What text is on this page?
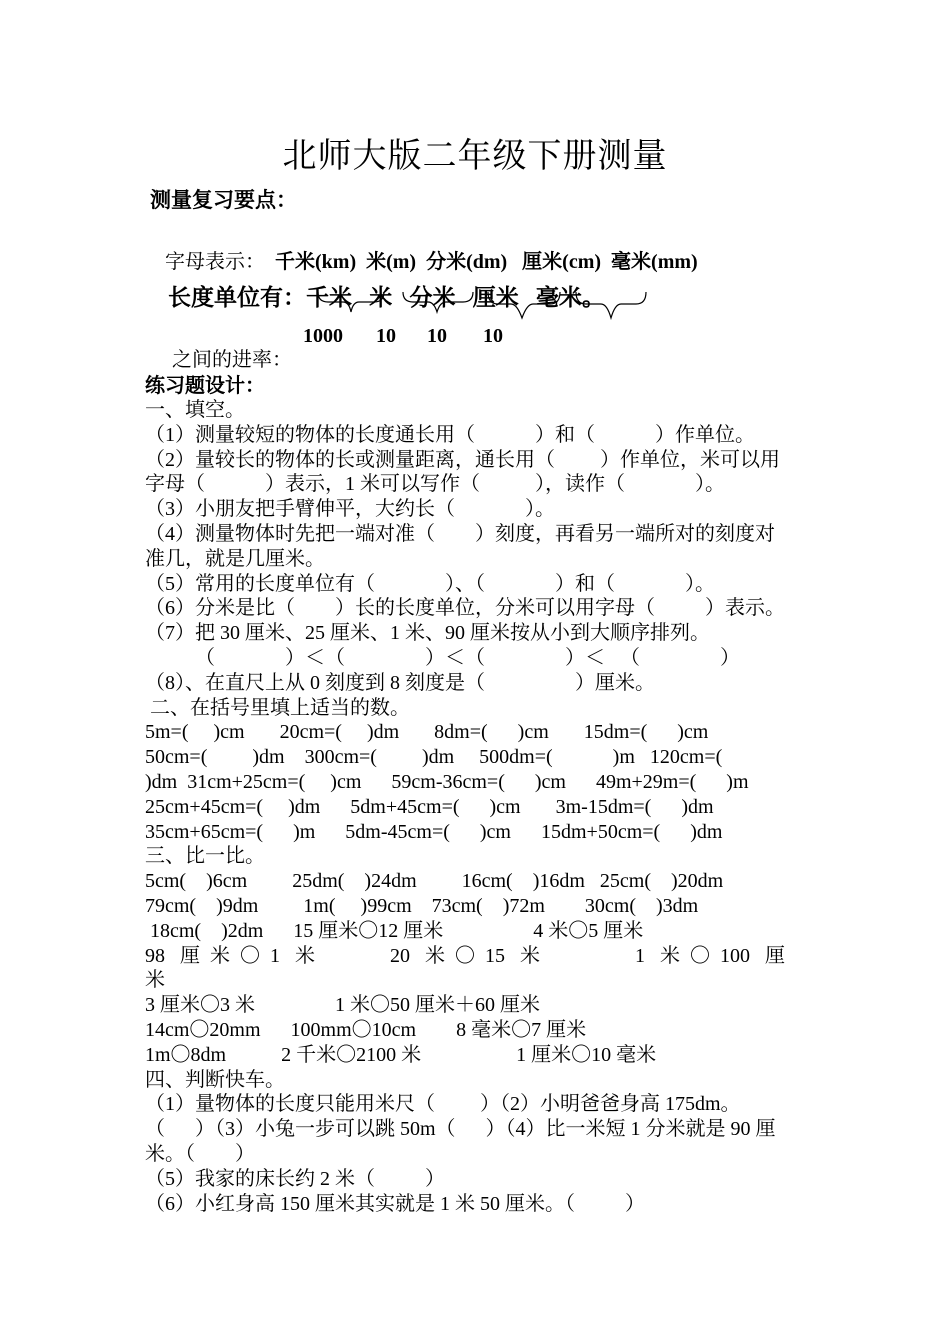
北师大版二年级下册测量
测量复习要点：

字母表示： 千米(km)  米(m)  分米(dm)   厘米(cm)  毫米(mm)

长度单位有：千米   米   分米   厘米   毫米。

之间的进率：

1000 10 10 10
练习题设计：
一、填空。
（1）测量较短的物体的长度通长用（            ）和（            ）作单位。
（2）量较长的物体的长或测量距离，通长用（         ）作单位，米可以用
字母（            ）表示，1 米可以写作（           ），读作（              ）。
（3）小朋友把手臂伸平，大约长（              ）。
（4）测量物体时先把一端对准（        ）刻度，再看另一端所对的刻度对
准几，就是几厘米。
（5）常用的长度单位有（              ）、（              ）和（              ）。
（6）分米是比（        ）长的长度单位，分米可以用字母（          ）表示。
（7）把 30 厘米、25 厘米、1 米、90 厘米按从小到大顺序排列。
（              ）＜（                ）＜（                ）＜   （                ）
（8）、在直尺上从 0 刻度到 8 刻度是（                  ）厘米。
二、在括号里填上适当的数。
5m=(     )cm       20cm=(     )dm       8dm=(      )cm       15dm=(      )cm
50cm=(         )dm    300cm=(         )dm     500dm=(            )m   120cm=(
)dm  31cm+25cm=(     )cm      59cm-36cm=(      )cm      49m+29m=(      )m
25cm+45cm=(     )dm      5dm+45cm=(      )cm       3m-15dm=(      )dm
35cm+65cm=(      )m      5dm-45cm=(      )cm      15dm+50cm=(      )dm
三、比一比。
5cm(    )6cm         25dm(    )24dm         16cm(    )16dm   25cm(    )20dm
79cm(    )9dm         1m(     )99cm    73cm(    )72m        30cm(    )3dm
18cm(    )2dm      15 厘米〇12 厘米                  4 米〇5 厘米
98   厘  米  〇  1   米               20   米  〇  15   米                   1   米  〇  100   厘
米
3 厘米〇3 米                1 米〇50 厘米＋60 厘米
14cm〇20mm      100mm〇10cm        8 毫米〇7 厘米
1m〇8dm           2 千米〇2100 米                   1 厘米〇10 毫米
四、判断快车。
（1）量物体的长度只能用米尺（         ）（2）小明爸爸身高 175dm。
（      ）（3）小兔一步可以跳 50m（      ）（4）比一米短 1 分米就是 90 厘
米。（        ）
（5）我家的床长约 2 米（          ）
（6）小红身高 150 厘米其实就是 1 米 50 厘米。（          ）
